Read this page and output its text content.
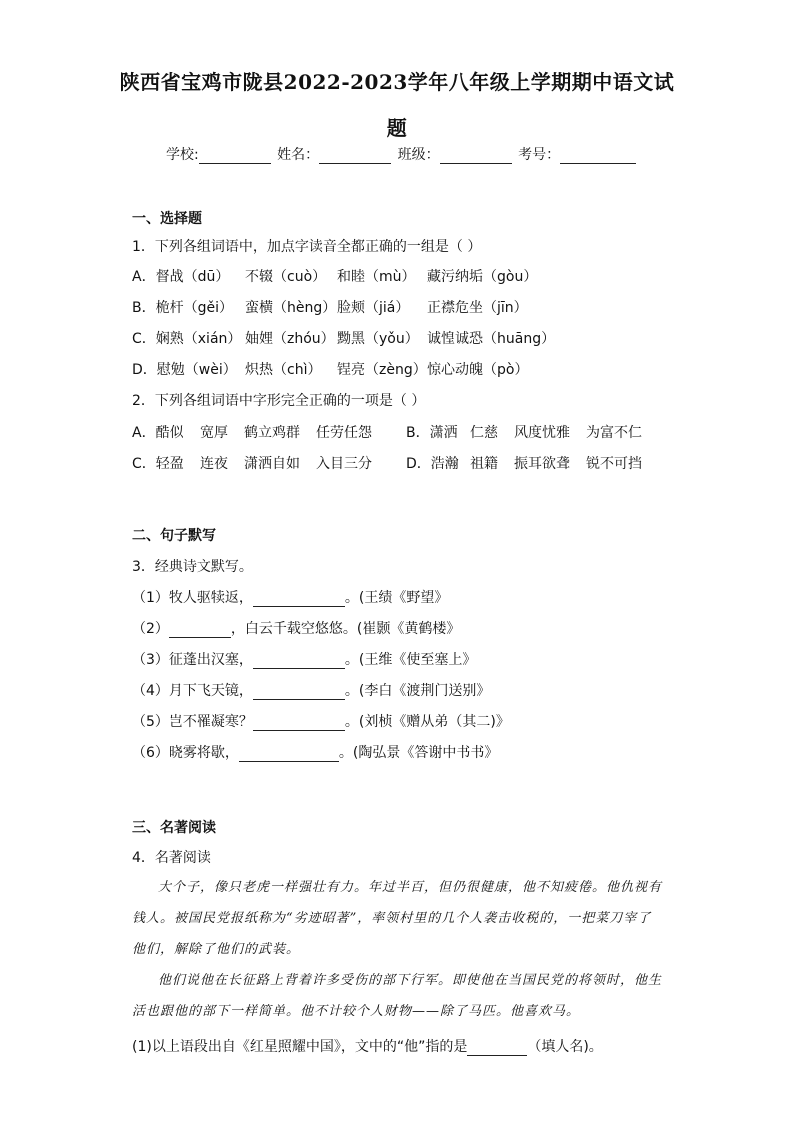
陕西省宝鸡市陇县2022-2023学年八年级上学期期中语文试
题
学校:	姓名：	班级：	考号：
一、选择题
1．下列各组词语中，加点字读音全都正确的一组是（ ）
A．督战（dū） 不辍（cuò） 和睦（mù） 藏污纳垢（gòu）
B．桅杆（gěi） 蛮横（hèng）脸颊（jiá） 正襟危坐（jīn）
C．娴熟（xián） 妯娌（zhóu） 黝黑（yǒu） 诚惶诚恐（huāng）
D．慰勉（wèi） 炽热（chì） 锃亮（zèng）惊心动魄（pò）
2．下列各组词语中字形完全正确的一项是（ ）
A．酷似 宽厚 鹤立鸡群 任劳任怨 B．潇洒 仁慈 风度忧雅 为富不仁
C．轻盈 连夜 潇洒自如 入目三分 D．浩瀚 祖籍 振耳欲聋 锐不可挡
二、句子默写
3．经典诗文默写。
（1）牧人驱犊返，	。(王绩《野望》
（2）	，白云千载空悠悠。(崔颢《黄鹤楼》
（3）征蓬出汉塞，	。(王维《使至塞上》
（4）月下飞天镜，	。(李白《渡荆门送别》
（5）岂不罹凝寒？	。(刘桢《赠从弟（其二)》
（6）晓雾将歇，	。(陶弘景《答谢中书书》
三、名著阅读
4．名著阅读

大个子，像只老虎一样强壮有力。年过半百，但仍很健康，他不知疲倦。他仇视有钱人。被国民党报纸称为“劣迹昭著”，率领村里的几个人袭击收税的，一把菜刀宰了他们，解除了他们的武装。

他们说他在长征路上背着许多受伤的部下行军。即使他在当国民党的将领时，他生活也跟他的部下一样简单。他不计较个人财物——除了马匹。他喜欢马。

(1)以上语段出自《红星照耀中国》，文中的“他”指的是	（填人名)。
